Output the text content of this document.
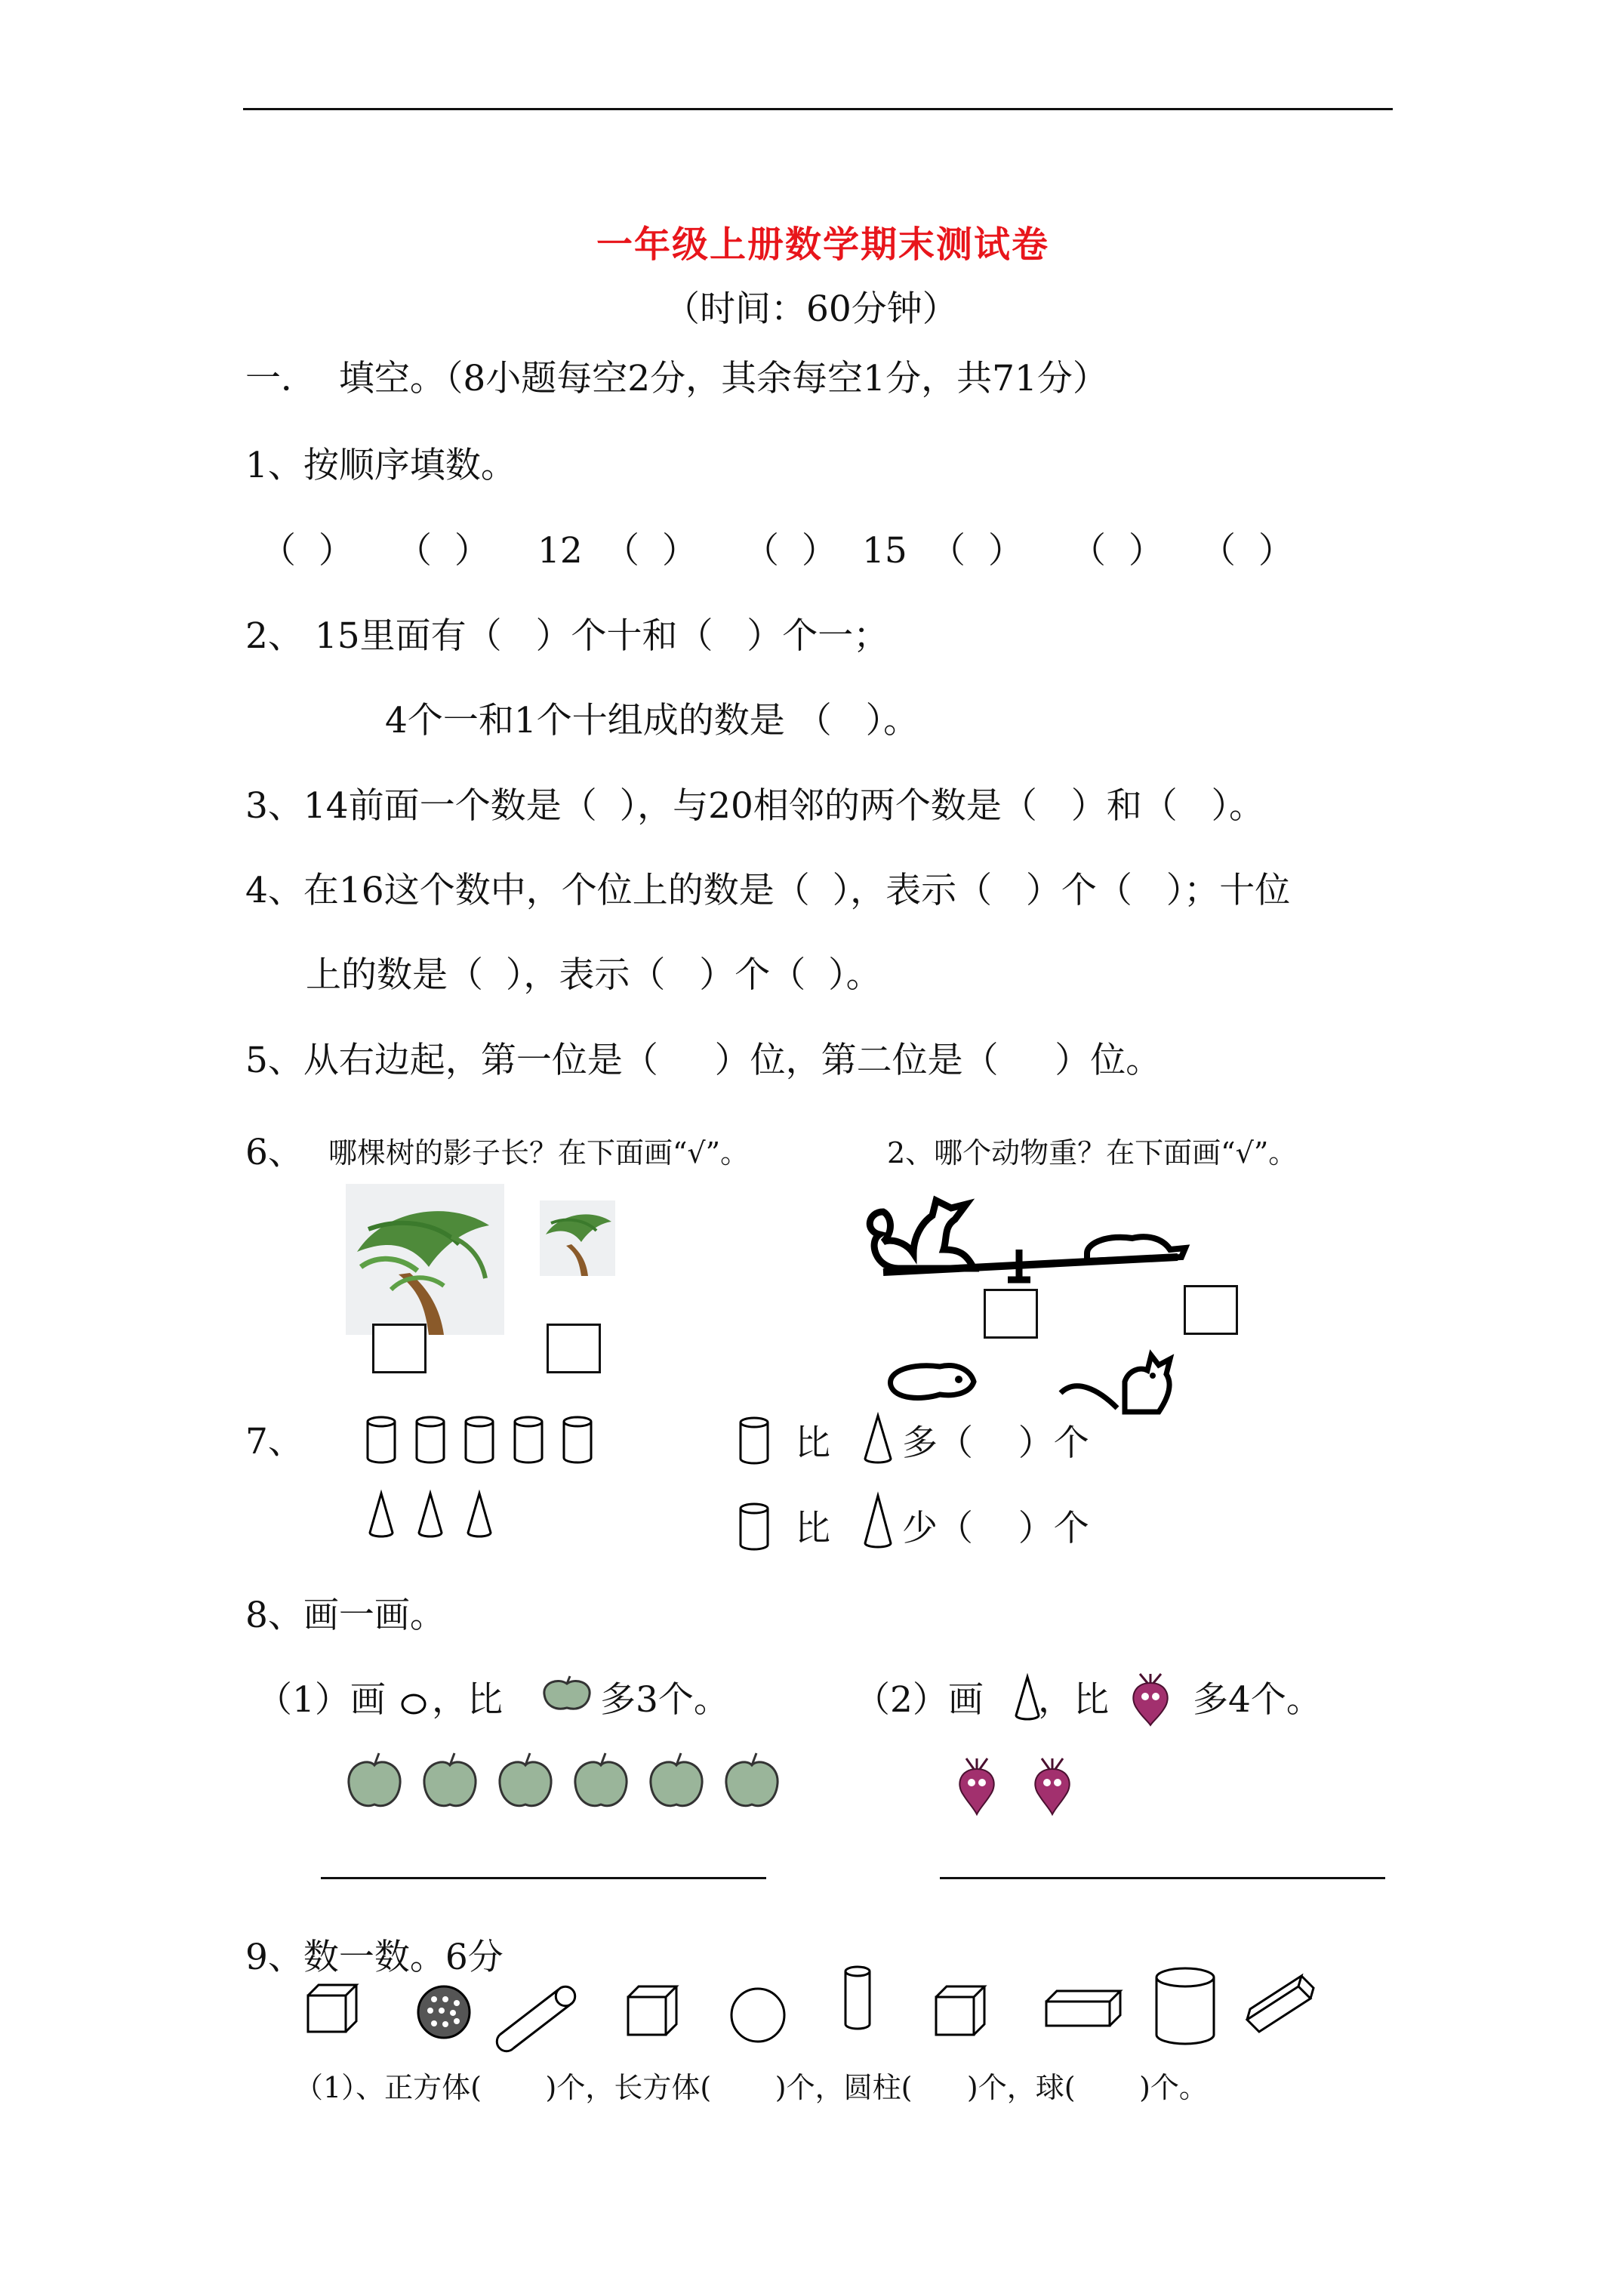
一年级上册数学期末测试卷
（时间：60分钟）
一．  填空。（8小题每空2分，其余每空1分，共71分）
1、按顺序填数。
（  ） （  ） 12 （  ） （  ） 15 （  ） （  ） （  ）
2、 15里面有（   ）个十和（   ）个一；
4个一和1个十组成的数是 （   ）。
3、14前面一个数是（  ），与20相邻的两个数是（   ）和（   ）。
4、在16这个数中，个位上的数是（  ），表示（   ）个（   ）；十位
上的数是（  ），表示（   ）个（  ）。
5、从右边起，第一位是（     ）位，第二位是（     ）位。
6、 哪棵树的影子长？在下面画“√”。	2、哪个动物重？在下面画“√”。
7、	比 多（    ）个
比 少（    ）个
8、画一画。
（1）画 ，比	多3个。	（2）画 ，比 多4个。
9、数一数。6分
（1）、正方体(       )个，长方体(       )个，圆柱(      )个，球(       )个。
